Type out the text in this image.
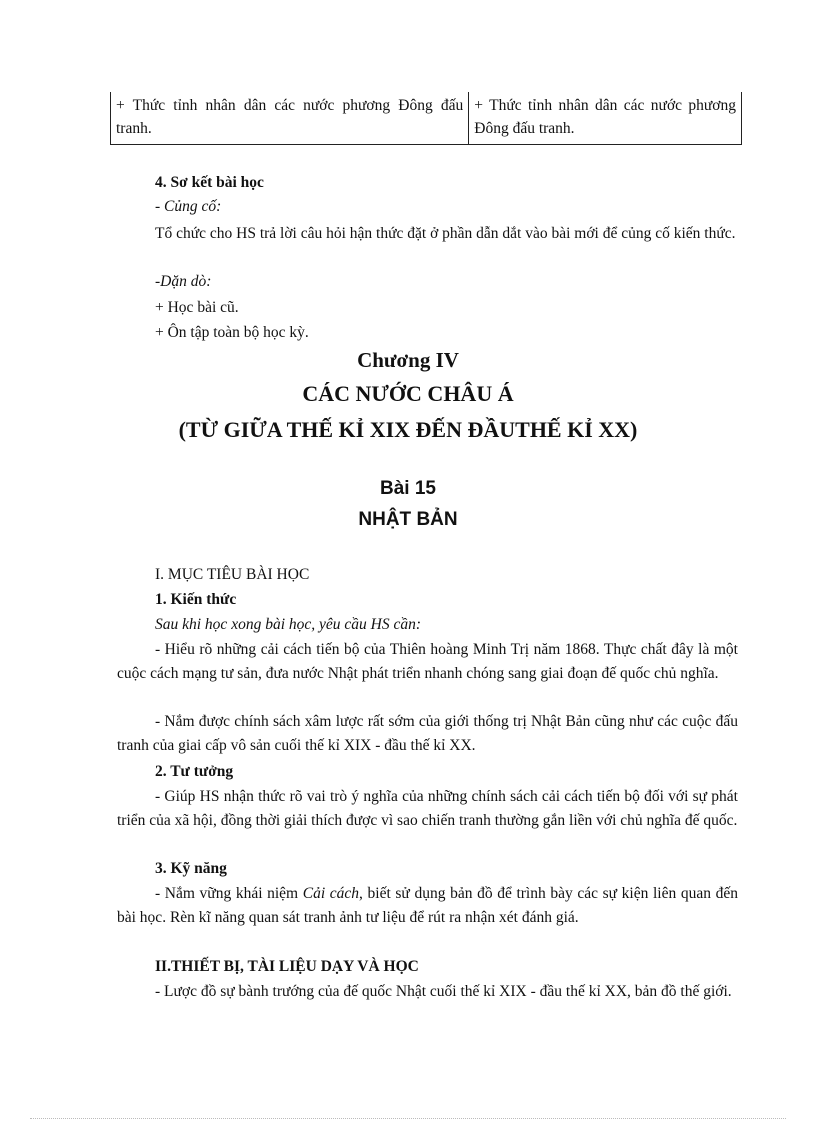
+ Thức tỉnh nhân dân các nước phương Đông đấu tranh.	+ Thức tỉnh nhân dân các nước phương Đông đấu tranh.
4. Sơ kết bài học
- Củng cố:
Tổ chức cho HS trả lời câu hỏi hận thức đặt ở phần dẫn dắt vào bài mới để củng cố kiến thức.
-Dặn dò:
+ Học bài cũ.
+ Ôn tập toàn bộ học kỳ.
Chương IV
CÁC NƯỚC CHÂU Á
(TỪ GIỮA THẾ KỈ XIX ĐẾN ĐẦUTHẾ KỈ XX)
Bài 15
NHẬT BẢN
I. MỤC TIÊU BÀI HỌC
1. Kiến thức
Sau khi học xong bài học, yêu cầu HS cần:
- Hiểu rõ những cải cách tiến bộ của Thiên hoàng Minh Trị năm 1868. Thực chất đây là một cuộc cách mạng tư sản, đưa nước Nhật phát triển nhanh chóng sang giai đoạn đế quốc chủ nghĩa.
- Nắm được chính sách xâm lược rất sớm của giới thống trị Nhật Bản cũng như các cuộc đấu tranh của giai cấp vô sản cuối thế kỉ XIX - đầu thế kỉ XX.
2. Tư tưởng
- Giúp HS nhận thức rõ vai trò ý nghĩa của những chính sách cải cách tiến bộ đối với sự phát triển của xã hội, đồng thời giải thích được vì sao chiến tranh thường gắn liền với chủ nghĩa đế quốc.
3. Kỹ năng
- Nắm vững khái niệm Cải cách, biết sử dụng bản đồ để trình bày các sự kiện liên quan đến bài học. Rèn kĩ năng quan sát tranh ảnh tư liệu để rút ra nhận xét đánh giá.
II.THIẾT BỊ, TÀI LIỆU DẠY VÀ HỌC
- Lược đồ sự bành trướng của đế quốc Nhật cuối thế kỉ XIX - đầu thế kỉ XX, bản đồ thế giới.
